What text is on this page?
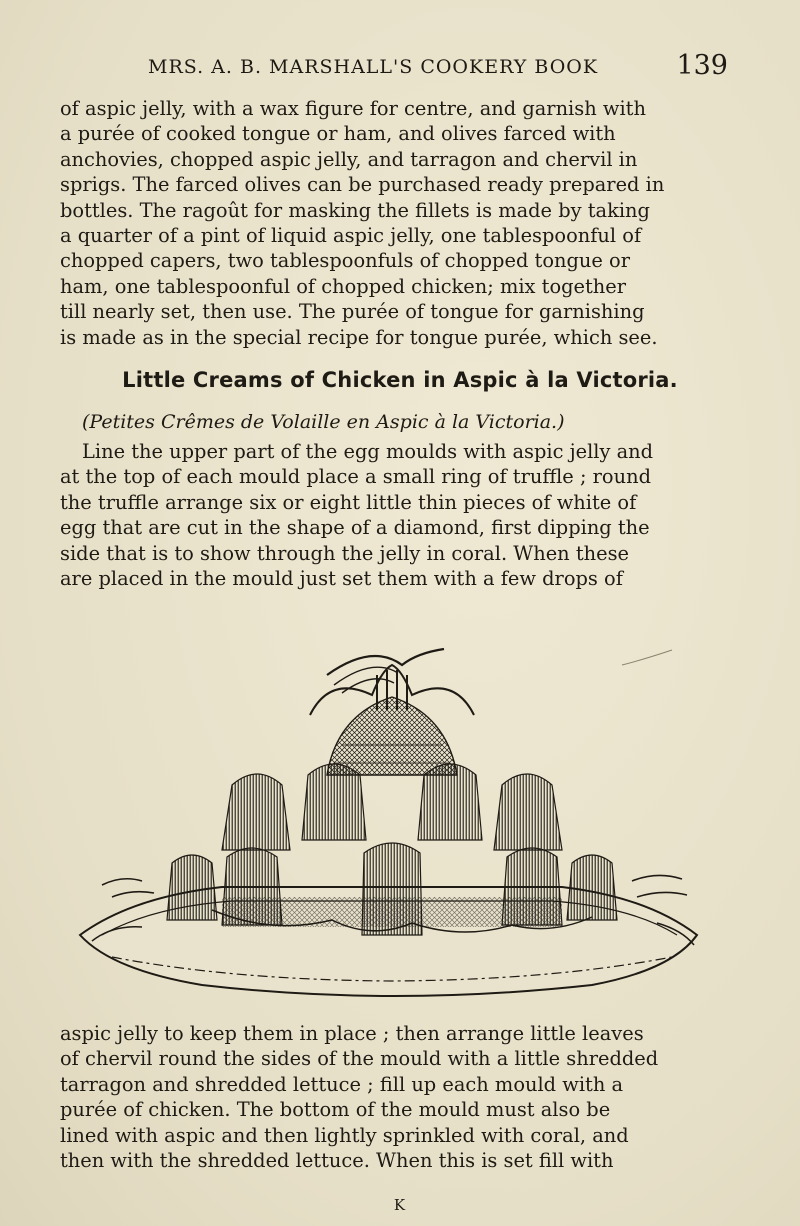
MRS. A. B. MARSHALL'S COOKERY BOOK	139

of aspic jelly, with a wax figure for centre, and garnish with
a purée of cooked tongue or ham, and olives farced with
anchovies, chopped aspic jelly, and tarragon and chervil in
sprigs. The farced olives can be purchased ready prepared in
bottles. The ragoût for masking the fillets is made by taking
a quarter of a pint of liquid aspic jelly, one tablespoonful of
chopped capers, two tablespoonfuls of chopped tongue or
ham, one tablespoonful of chopped chicken; mix together
till nearly set, then use. The purée of tongue for garnishing
is made as in the special recipe for tongue purée, which see.

Little Creams of Chicken in Aspic à la Victoria.
(Petites Crêmes de Volaille en Aspic à la Victoria.)

Line the upper part of the egg moulds with aspic jelly and
at the top of each mould place a small ring of truffle ; round
the truffle arrange six or eight little thin pieces of white of
egg that are cut in the shape of a diamond, first dipping the
side that is to show through the jelly in coral. When these
are placed in the mould just set them with a few drops of

aspic jelly to keep them in place ; then arrange little leaves
of chervil round the sides of the mould with a little shredded
tarragon and shredded lettuce ; fill up each mould with a
purée of chicken. The bottom of the mould must also be
lined with aspic and then lightly sprinkled with coral, and
then with the shredded lettuce. When this is set fill with

K
